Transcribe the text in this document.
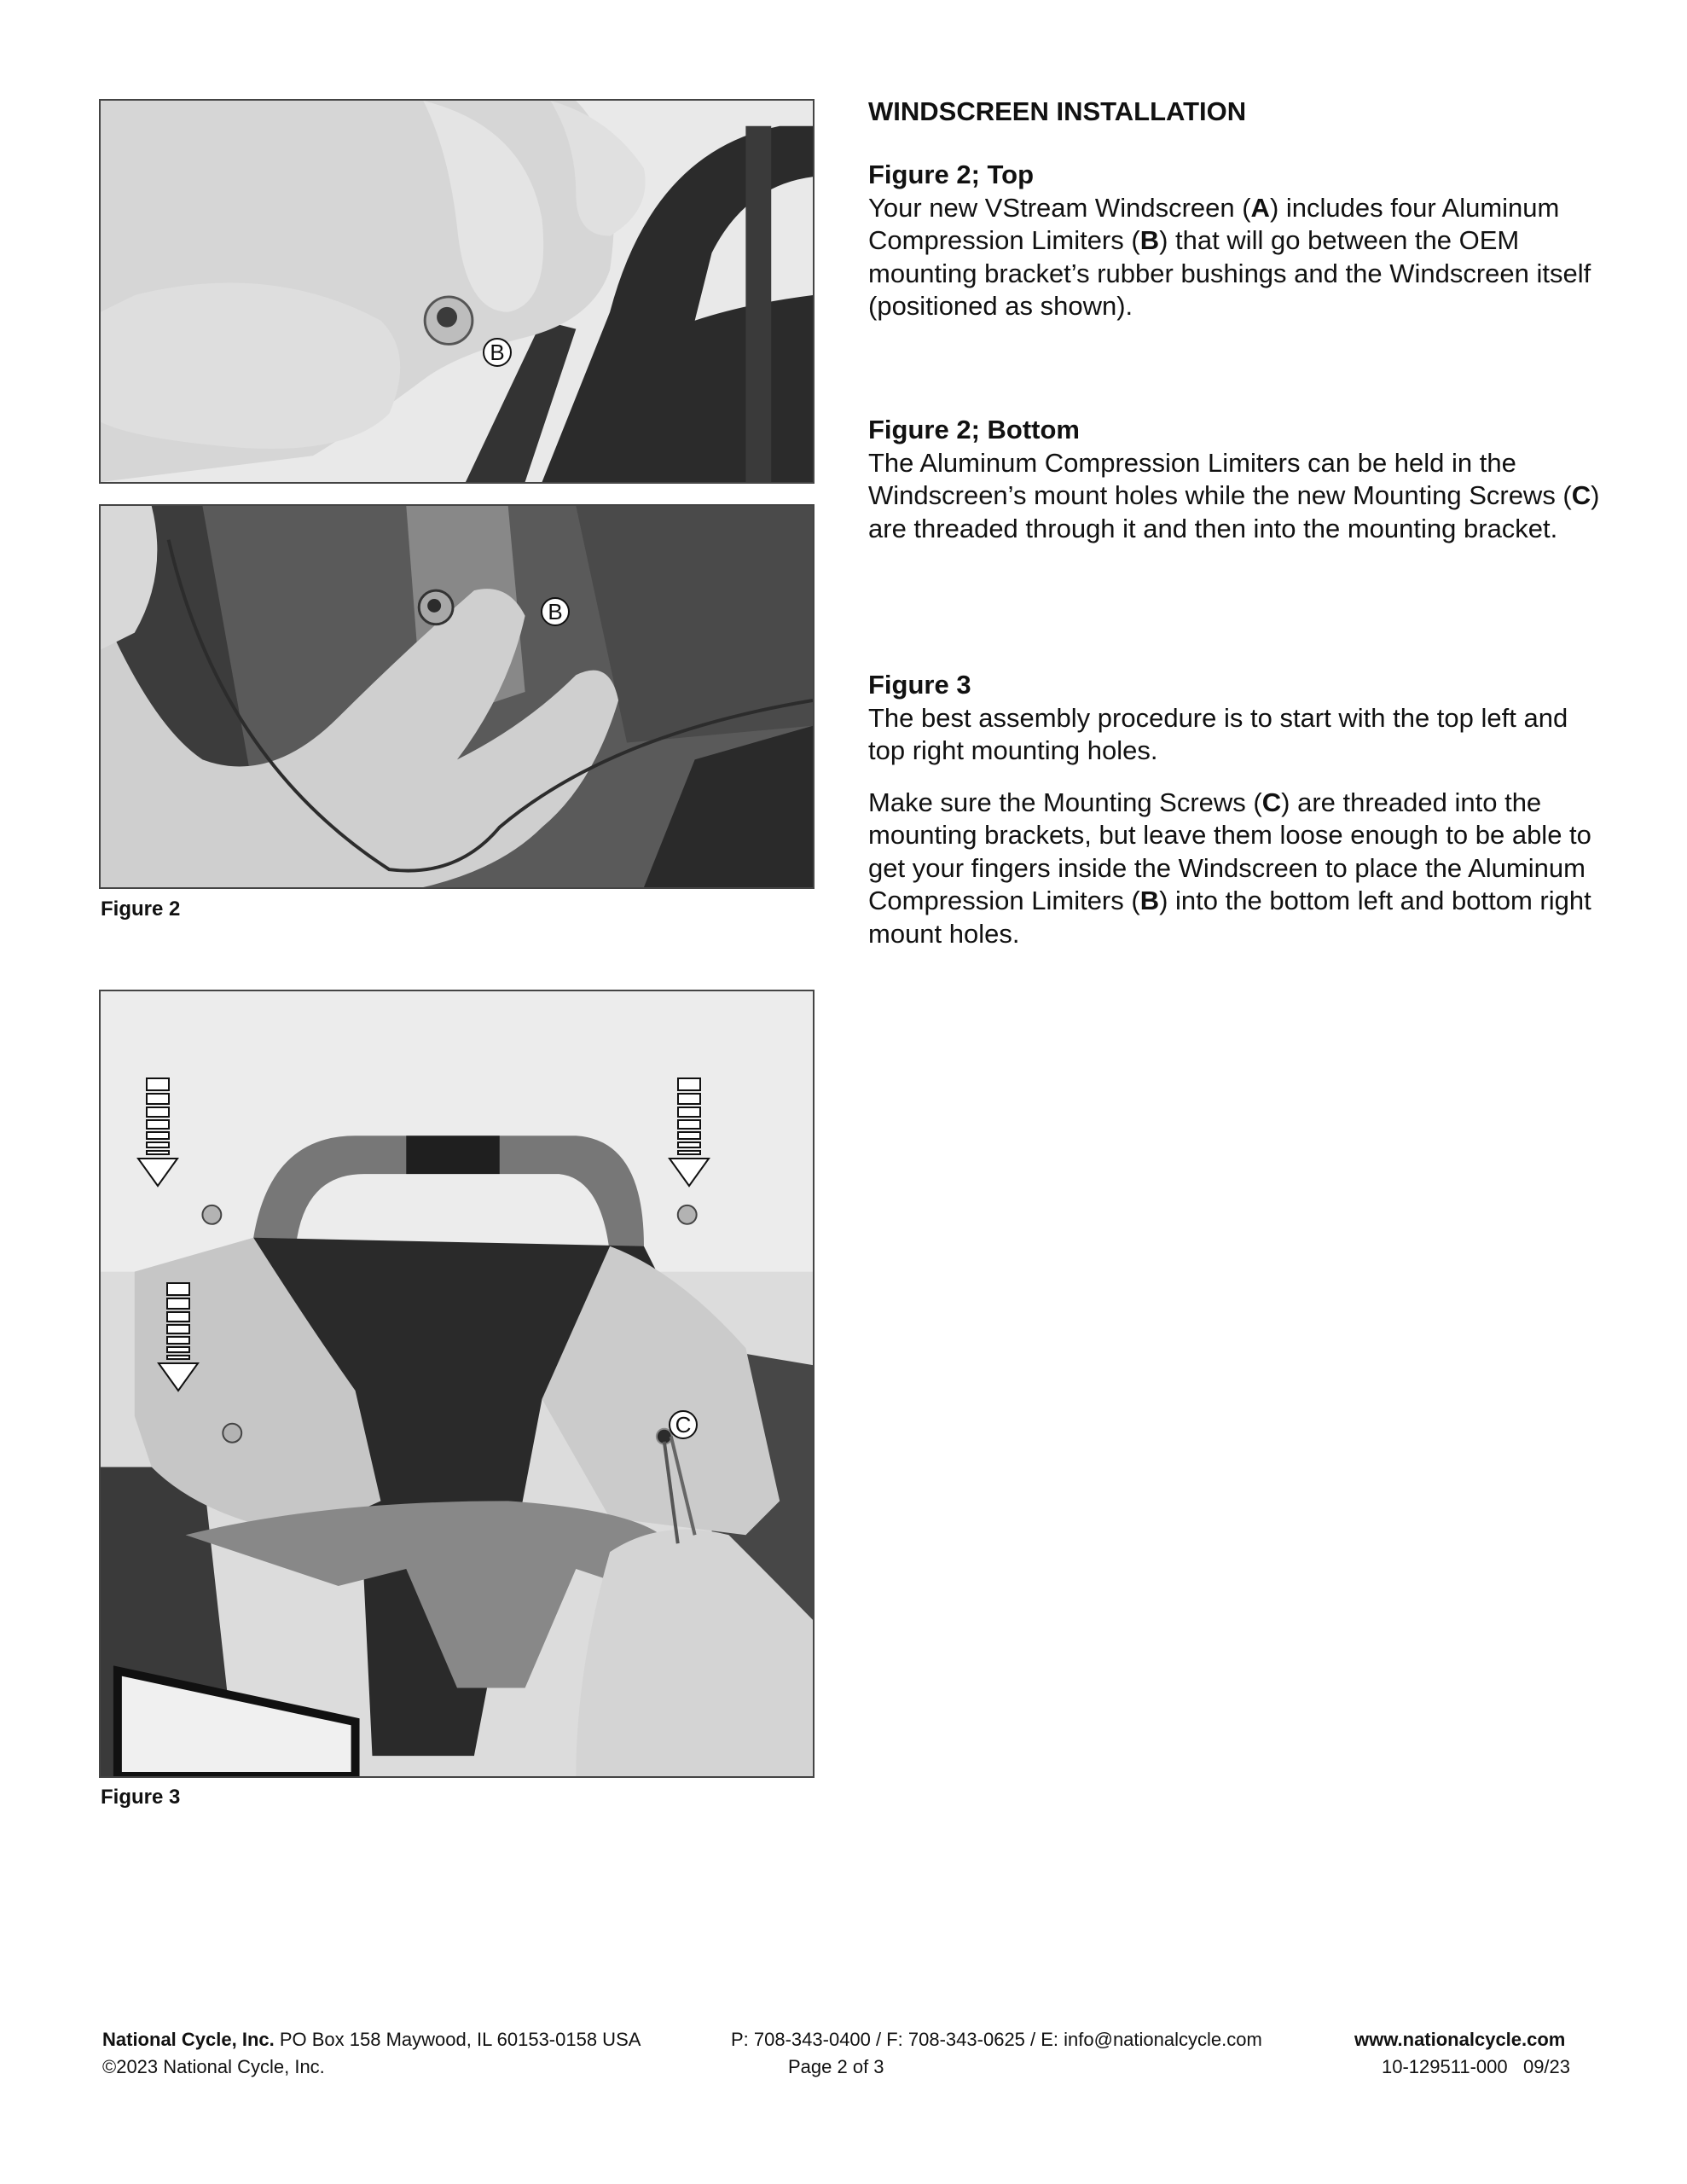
B
B
Figure 2
C
Figure 3
WINDSCREEN INSTALLATION
Figure 2; Top

Your new VStream Windscreen (A) includes four Aluminum Compression Limiters (B) that will go between the OEM mounting bracket’s rubber bushings and the Windscreen itself (positioned as shown).

Figure 2; Bottom

The Aluminum Compression Limiters can be held in the Windscreen’s mount holes while the new Mounting Screws (C) are threaded through it and then into the mounting bracket.

Figure 3

The best assembly procedure is to start with the top left and top right mounting holes.

Make sure the Mounting Screws (C) are threaded into the mounting brackets, but leave them loose enough to be able to get your fingers inside the Windscreen to place the Aluminum Compression Limiters (B) into the bottom left and bottom right mount holes.

National Cycle, Inc. PO Box 158 Maywood, IL 60153-0158 USA	P: 708-343-0400 / F: 708-343-0625 / E: info@nationalcycle.com	www.nationalcycle.com
©2023 National Cycle, Inc.	Page 2 of 3	10-129511-000 09/23
